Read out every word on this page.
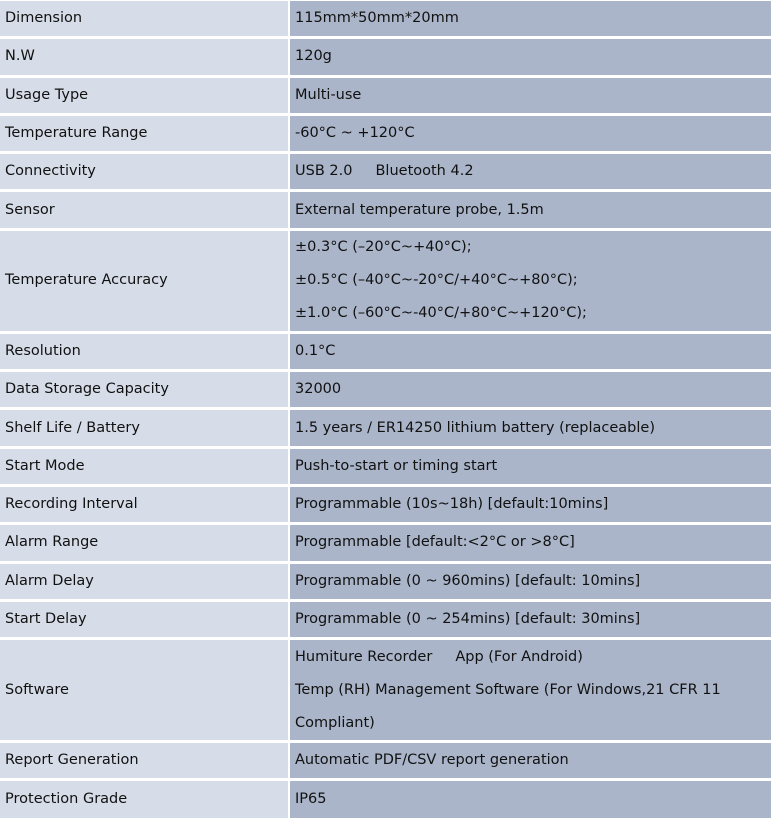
Dimension	115mm*50mm*20mm
N.W	120g
Usage Type	Multi-use
Temperature Range	-60°C ~ +120°C
Connectivity	USB 2.0     Bluetooth 4.2
Sensor	External temperature probe, 1.5m
Temperature Accuracy	±0.3°C (–20°C~+40°C);
±0.5°C (–40°C~-20°C/+40°C~+80°C);
±1.0°C (–60°C~-40°C/+80°C~+120°C);

Resolution	0.1°C
Data Storage Capacity	32000
Shelf Life / Battery	1.5 years / ER14250 lithium battery (replaceable)
Start Mode	Push-to-start or timing start
Recording Interval	Programmable (10s~18h) [default:10mins]
Alarm Range	Programmable [default:<2°C or >8°C]
Alarm Delay	Programmable (0 ~ 960mins) [default: 10mins]
Start Delay	Programmable (0 ~ 254mins) [default: 30mins]
Software	Humiture Recorder     App (For Android)
Temp (RH) Management Software (For Windows,21 CFR 11
Compliant)

Report Generation	Automatic PDF/CSV report generation
Protection Grade	IP65
